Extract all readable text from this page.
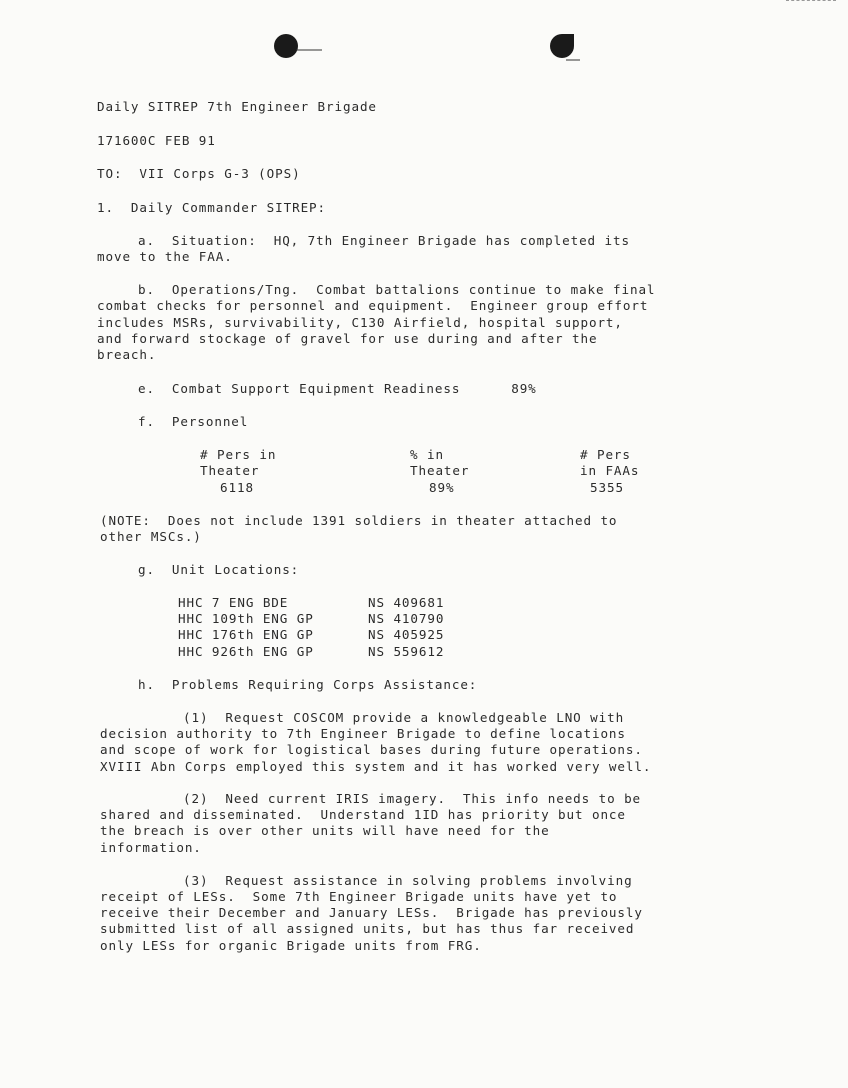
Daily SITREP 7th Engineer Brigade
171600C FEB 91
TO:  VII Corps G-3 (OPS)
1.  Daily Commander SITREP:
a.  Situation:  HQ, 7th Engineer Brigade has completed its
move to the FAA.
b.  Operations/Tng.  Combat battalions continue to make final
combat checks for personnel and equipment.  Engineer group effort
includes MSRs, survivability, C130 Airfield, hospital support,
and forward stockage of gravel for use during and after the
breach.
e.  Combat Support Equipment Readiness      89%
f.  Personnel
# Pers in	% in	# Pers
Theater	Theater	in FAAs
6118	89%	5355
(NOTE:  Does not include 1391 soldiers in theater attached to
other MSCs.)
g.  Unit Locations:
HHC 7 ENG BDE	NS 409681
HHC 109th ENG GP	NS 410790
HHC 176th ENG GP	NS 405925
HHC 926th ENG GP	NS 559612
h.  Problems Requiring Corps Assistance:
(1)  Request COSCOM provide a knowledgeable LNO with
decision authority to 7th Engineer Brigade to define locations
and scope of work for logistical bases during future operations.
XVIII Abn Corps employed this system and it has worked very well.
(2)  Need current IRIS imagery.  This info needs to be
shared and disseminated.  Understand 1ID has priority but once
the breach is over other units will have need for the
information.
(3)  Request assistance in solving problems involving
receipt of LESs.  Some 7th Engineer Brigade units have yet to
receive their December and January LESs.  Brigade has previously
submitted list of all assigned units, but has thus far received
only LESs for organic Brigade units from FRG.
